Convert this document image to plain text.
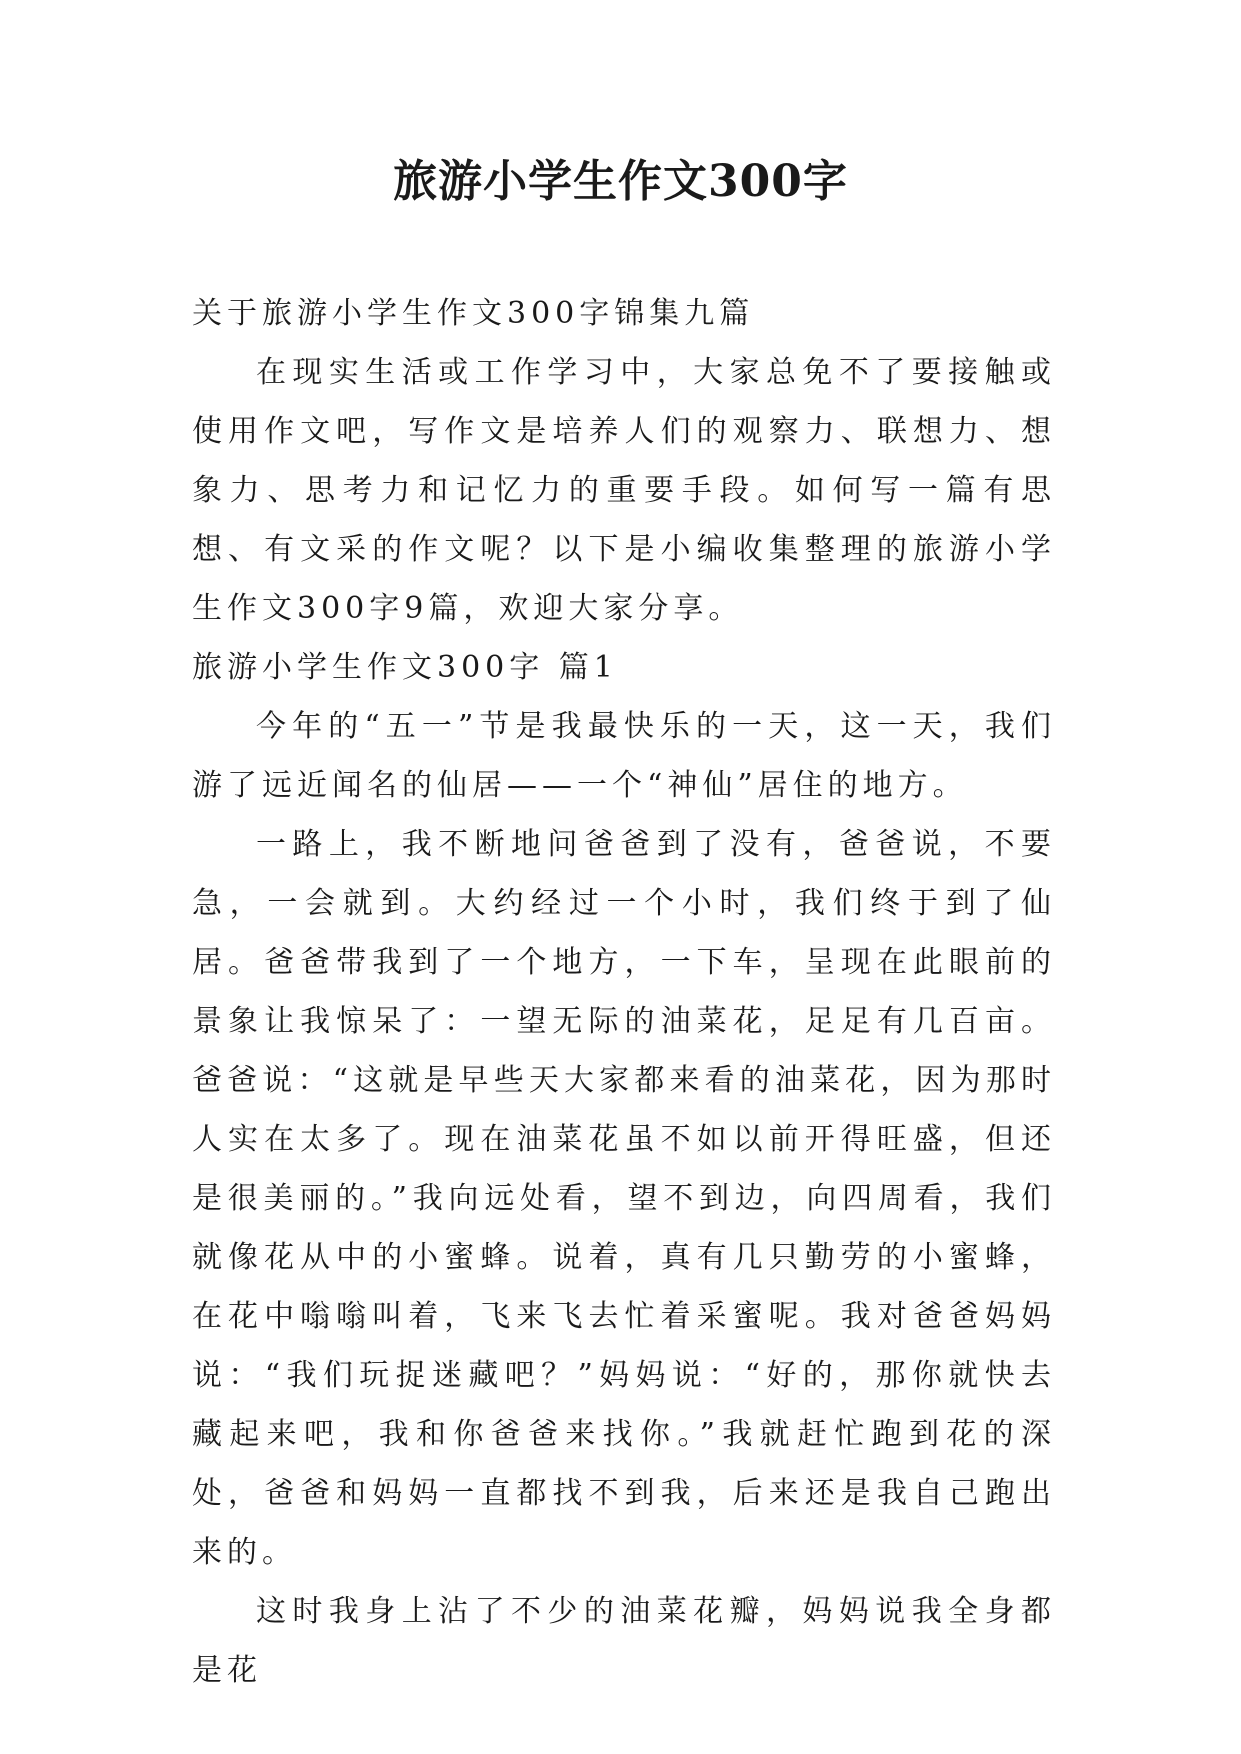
旅游小学生作文300字

关于旅游小学生作文300字锦集九篇

在现实生活或工作学习中，大家总免不了要接触或使用作文吧，写作文是培养人们的观察力、联想力、想象力、思考力和记忆力的重要手段。如何写一篇有思想、有文采的作文呢？以下是小编收集整理的旅游小学生作文300字9篇，欢迎大家分享。

旅游小学生作文300字 篇1

今年的“五一”节是我最快乐的一天，这一天，我们游了远近闻名的仙居——一个“神仙”居住的地方。

一路上，我不断地问爸爸到了没有，爸爸说，不要急，一会就到。大约经过一个小时，我们终于到了仙居。爸爸带我到了一个地方，一下车，呈现在此眼前的景象让我惊呆了：一望无际的油菜花，足足有几百亩。爸爸说：“这就是早些天大家都来看的油菜花，因为那时人实在太多了。现在油菜花虽不如以前开得旺盛，但还是很美丽的。”我向远处看，望不到边，向四周看，我们就像花从中的小蜜蜂。说着，真有几只勤劳的小蜜蜂，在花中嗡嗡叫着，飞来飞去忙着采蜜呢。我对爸爸妈妈说：“我们玩捉迷藏吧？”妈妈说：“好的，那你就快去藏起来吧，我和你爸爸来找你。”我就赶忙跑到花的深处，爸爸和妈妈一直都找不到我，后来还是我自己跑出来的。

这时我身上沾了不少的油菜花瓣，妈妈说我全身都是花
